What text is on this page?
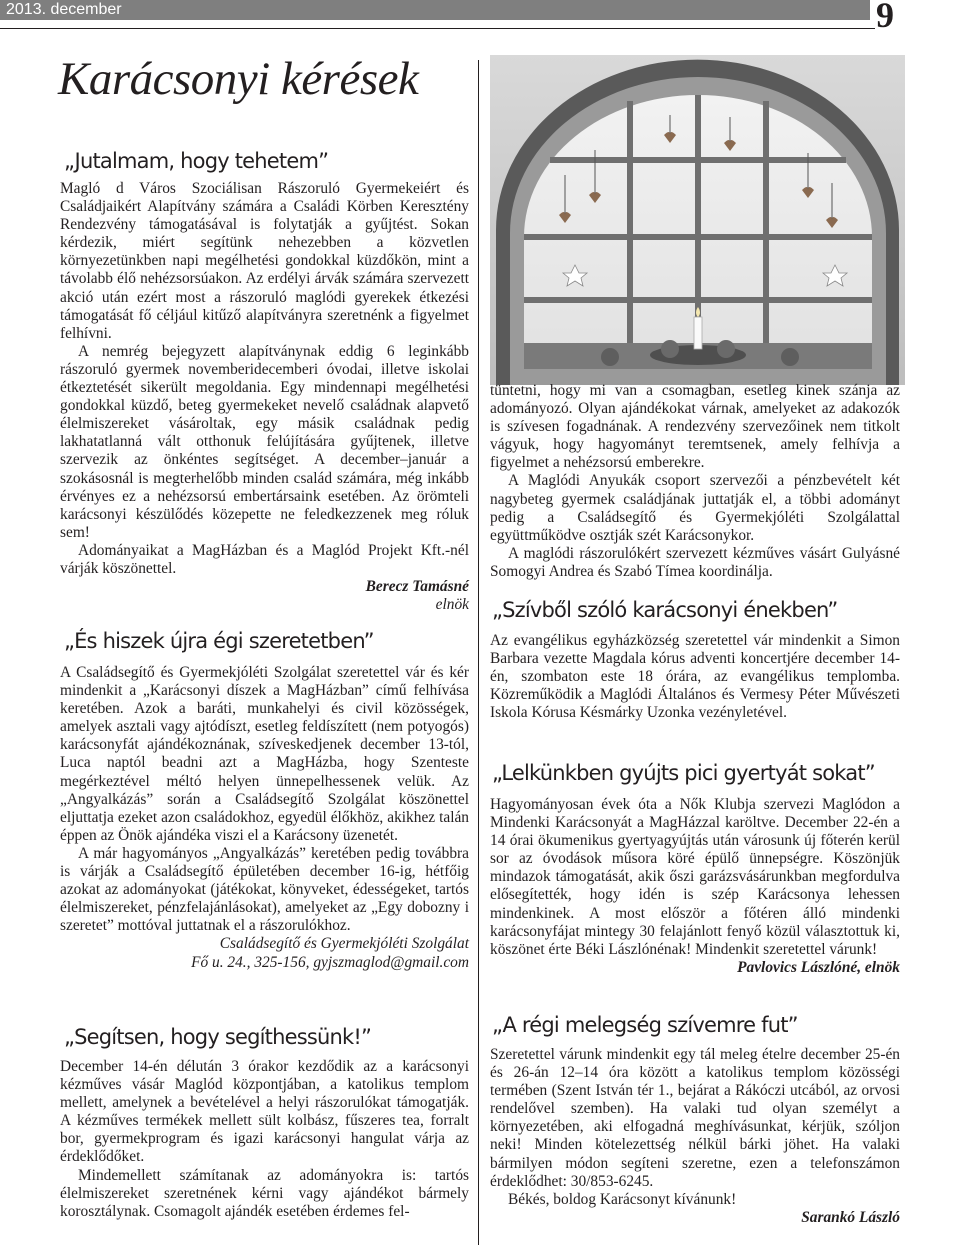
2013. december	9
Karácsonyi kérések
„Jutalmam, hogy tehetem”

Magló d Város Szociálisan Rászoruló Gyermekeiért és Családjaikért Alapítvány számára a Családi Körben Keresztény Rendezvény támogatásával is folytatják a gyűjtést. Sokan kérdezik, miért segítünk nehezebben a közvetlen környezetünkben napi megélhetési gondokkal küzdőkön, mint a távolabb élő nehézsorsúakon. Az erdélyi árvák számára szervezett akció után ezért most a rászoruló maglódi gyerekek étkezési támogatását fő céljául kitűző alapítványra szeretnénk a figyelmet felhívni.

A nemrég bejegyzett alapítványnak eddig 6 leginkább rászoruló gyermek novemberidecemberi óvodai, illetve iskolai étkeztetését sikerült megoldania. Egy mindennapi megélhetési gondokkal küzdő, beteg gyermekeket nevelő családnak alapvető élelmiszereket vásároltak, egy másik családnak pedig lakhatatlanná vált otthonuk felújítására gyűjtenek, illetve szervezik az önkéntes segítséget. A december–január a szokásosnál is megterhelőbb minden család számára, még inkább érvényes ez a nehézsorsú embertársaink esetében. Az örömteli karácsonyi készülődés közepette ne feledkezzenek meg róluk sem!

Adományaikat a MagHázban és a Maglód Projekt Kft.-nél várják köszönettel.

Berecz Tamásné

elnök

„És hiszek újra égi szeretetben”

A Családsegítő és Gyermekjóléti Szolgálat szeretettel vár és kér mindenkit a „Karácsonyi díszek a MagHázban” című felhívása keretében. Azok a baráti, munkahelyi és civil közösségek, amelyek asztali vagy ajtódíszt, esetleg feldíszített (nem potyogós) karácsonyfát ajándékoznának, szíveskedjenek december 13-tól, Luca naptól beadni azt a MagHázba, hogy Szenteste megérkeztével méltó helyen ünnepelhessenek velük. Az „Angyalkázás” során a Családsegítő Szolgálat köszönettel eljuttatja ezeket azon családokhoz, egyedül élőkhöz, akikhez talán éppen az Önök ajándéka viszi el a Karácsony üzenetét.

A már hagyományos „Angyalkázás” keretében pedig továbbra is várják a Családsegítő épületében december 16-ig, hétfőig azokat az adományokat (játékokat, könyveket, édességeket, tartós élelmiszereket, pénzfelajánlásokat), amelyeket az „Egy dobozny i szeretet” mottóval juttatnak el a rászorulókhoz.

Családsegítő és Gyermekjóléti Szolgálat

Fő u. 24., 325-156, gyjszmaglod@gmail.com

„Segítsen, hogy segíthessünk!”

December 14-én délután 3 órakor kezdődik az a karácsonyi kézműves vásár Maglód központjában, a katolikus templom mellett, amelynek a bevételével a helyi rászorulókat támogatják. A kézműves termékek mellett sült kolbász, fűszeres tea, forralt bor, gyermekprogram és igazi karácsonyi hangulat várja az érdeklődőket.

Mindemellett számítanak az adományokra is: tartós élelmiszereket szeretnének kérni vagy ajándékot bármely korosztálynak. Csomagolt ajándék esetében érdemes fel-

tüntetni, hogy mi van a csomagban, esetleg kinek szánja az adományozó. Olyan ajándékokat várnak, amelyeket az adakozók is szívesen fogadnának. A rendezvény szervezőinek nem titkolt vágyuk, hogy hagyományt teremtsenek, amely felhívja a figyelmet a nehézsorsú emberekre.

A Maglódi Anyukák csoport szervezői a pénzbevételt két nagybeteg gyermek családjának juttatják el, a többi adományt pedig a Családsegítő és Gyermekjóléti Szolgálattal együttműködve osztják szét Karácsonykor.

A maglódi rászorulókért szervezett kézműves vásárt Gulyásné Somogyi Andrea és Szabó Tímea koordinálja.

„Szívből szóló karácsonyi énekben”

Az evangélikus egyházközség szeretettel vár mindenkit a Simon Barbara vezette Magdala kórus adventi koncertjére december 14-én, szombaton este 18 órára, az evangélikus templomba. Közreműködik a Maglódi Általános és Vermesy Péter Művészeti Iskola Kórusa Késmárky Uzonka vezényletével.

„Lelkünkben gyújts pici gyertyát sokat”

Hagyományosan évek óta a Nők Klubja szervezi Maglódon a Mindenki Karácsonyát a MagHázzal karöltve. December 22-én a 14 órai ökumenikus gyertyagyújtás után városunk új főterén kerül sor az óvodások műsora köré épülő ünnepségre. Köszönjük mindazok támogatását, akik őszi garázsvásárunkban megfordulva elősegítették, hogy idén is szép Karácsonya lehessen mindenkinek. A most először a főtéren álló mindenki karácsonyfájat mintegy 30 felajánlott fenyő közül választottuk ki, köszönet érte Béki Lászlónénak! Mindenkit szeretettel várunk!

Pavlovics Lászlóné, elnök

„A régi melegség szívemre fut”

Szeretettel várunk mindenkit egy tál meleg ételre december 25-én és 26-án 12–14 óra között a katolikus templom közösségi termében (Szent István tér 1., bejárat a Rákóczi utcából, az orvosi rendelővel szemben). Ha valaki tud olyan személyt a környezetében, aki elfogadná meghívásunkat, kérjük, szóljon neki! Minden kötelezettség nélkül bárki jöhet. Ha valaki bármilyen módon segíteni szeretne, ezen a telefonszámon érdeklődhet: 30/853-6245.

Békés, boldog Karácsonyt kívánunk!

Sarankó László
